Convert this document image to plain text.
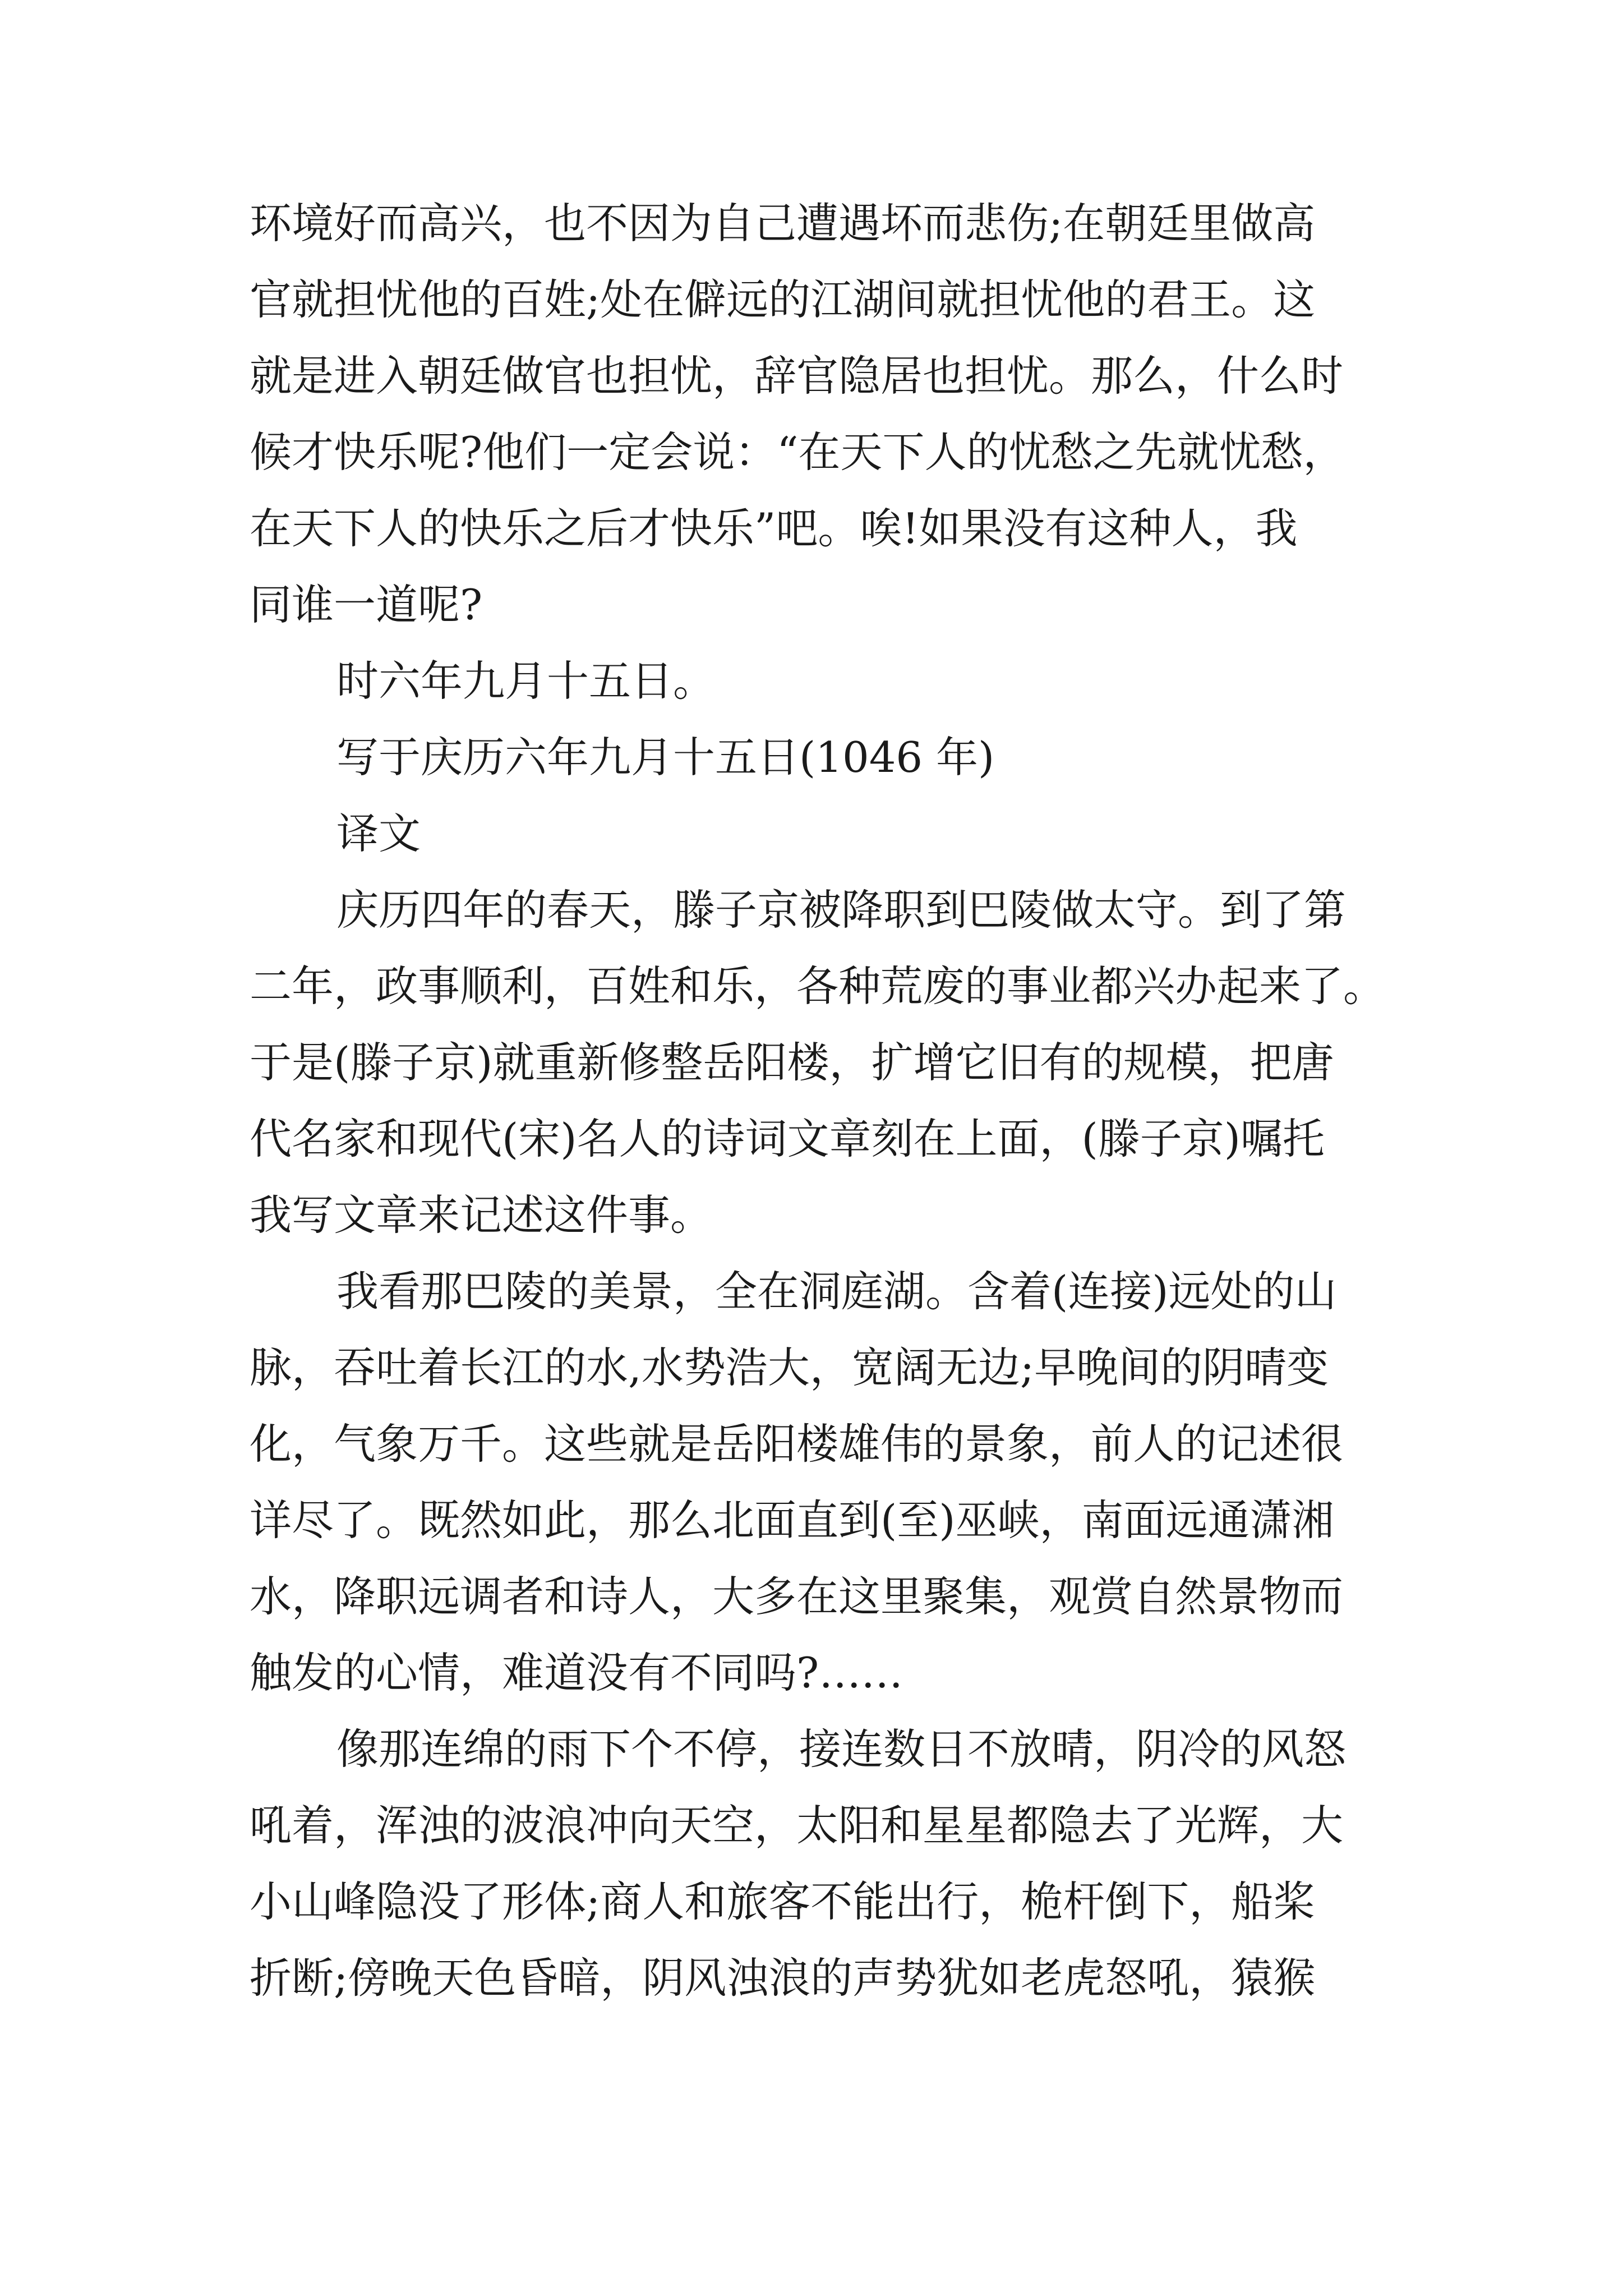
环境好而高兴，也不因为自己遭遇坏而悲伤;在朝廷里做高
官就担忧他的百姓;处在僻远的江湖间就担忧他的君王。这
就是进入朝廷做官也担忧，辞官隐居也担忧。那么，什么时
候才快乐呢?他们一定会说：“在天下人的忧愁之先就忧愁，
在天下人的快乐之后才快乐”吧。唉!如果没有这种人，我
同谁一道呢?
时六年九月十五日。
写于庆历六年九月十五日(1046 年)
译文
庆历四年的春天，滕子京被降职到巴陵做太守。到了第
二年，政事顺利，百姓和乐，各种荒废的事业都兴办起来了。
于是(滕子京)就重新修整岳阳楼，扩增它旧有的规模，把唐
代名家和现代(宋)名人的诗词文章刻在上面，(滕子京)嘱托
我写文章来记述这件事。
我看那巴陵的美景，全在洞庭湖。含着(连接)远处的山
脉，吞吐着长江的水,水势浩大，宽阔无边;早晚间的阴晴变
化，气象万千。这些就是岳阳楼雄伟的景象，前人的记述很
详尽了。既然如此，那么北面直到(至)巫峡，南面远通潇湘
水，降职远调者和诗人，大多在这里聚集，观赏自然景物而
触发的心情，难道没有不同吗?……
像那连绵的雨下个不停，接连数日不放晴，阴冷的风怒
吼着，浑浊的波浪冲向天空，太阳和星星都隐去了光辉，大
小山峰隐没了形体;商人和旅客不能出行，桅杆倒下，船桨
折断;傍晚天色昏暗，阴风浊浪的声势犹如老虎怒吼，猿猴
